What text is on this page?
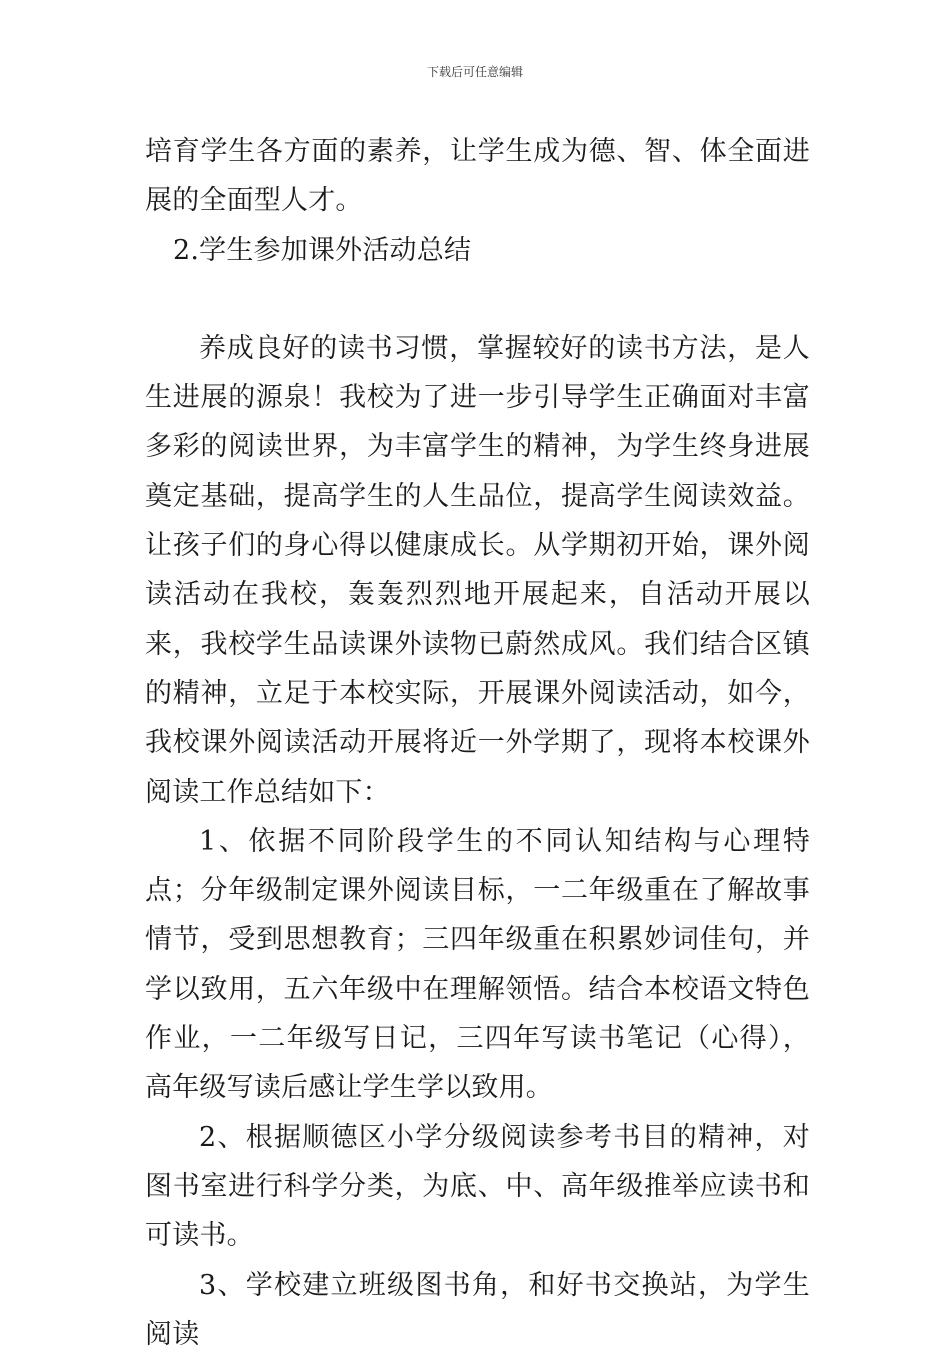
下载后可任意编辑

培育学生各方面的素养，让学生成为德、智、体全面进展的全面型人才。

2.学生参加课外活动总结

养成良好的读书习惯，掌握较好的读书方法，是人生进展的源泉！我校为了进一步引导学生正确面对丰富多彩的阅读世界，为丰富学生的精神，为学生终身进展奠定基础，提高学生的人生品位，提高学生阅读效益。让孩子们的身心得以健康成长。从学期初开始，课外阅读活动在我校，轰轰烈烈地开展起来，自活动开展以来，我校学生品读课外读物已蔚然成风。我们结合区镇的精神，立足于本校实际，开展课外阅读活动，如今，我校课外阅读活动开展将近一外学期了，现将本校课外阅读工作总结如下：

1、依据不同阶段学生的不同认知结构与心理特点；分年级制定课外阅读目标，一二年级重在了解故事情节，受到思想教育；三四年级重在积累妙词佳句，并学以致用，五六年级中在理解领悟。结合本校语文特色作业，一二年级写日记，三四年写读书笔记（心得），高年级写读后感让学生学以致用。

2、根据顺德区小学分级阅读参考书目的精神，对图书室进行科学分类，为底、中、高年级推举应读书和可读书。

3、学校建立班级图书角，和好书交换站，为学生阅读
